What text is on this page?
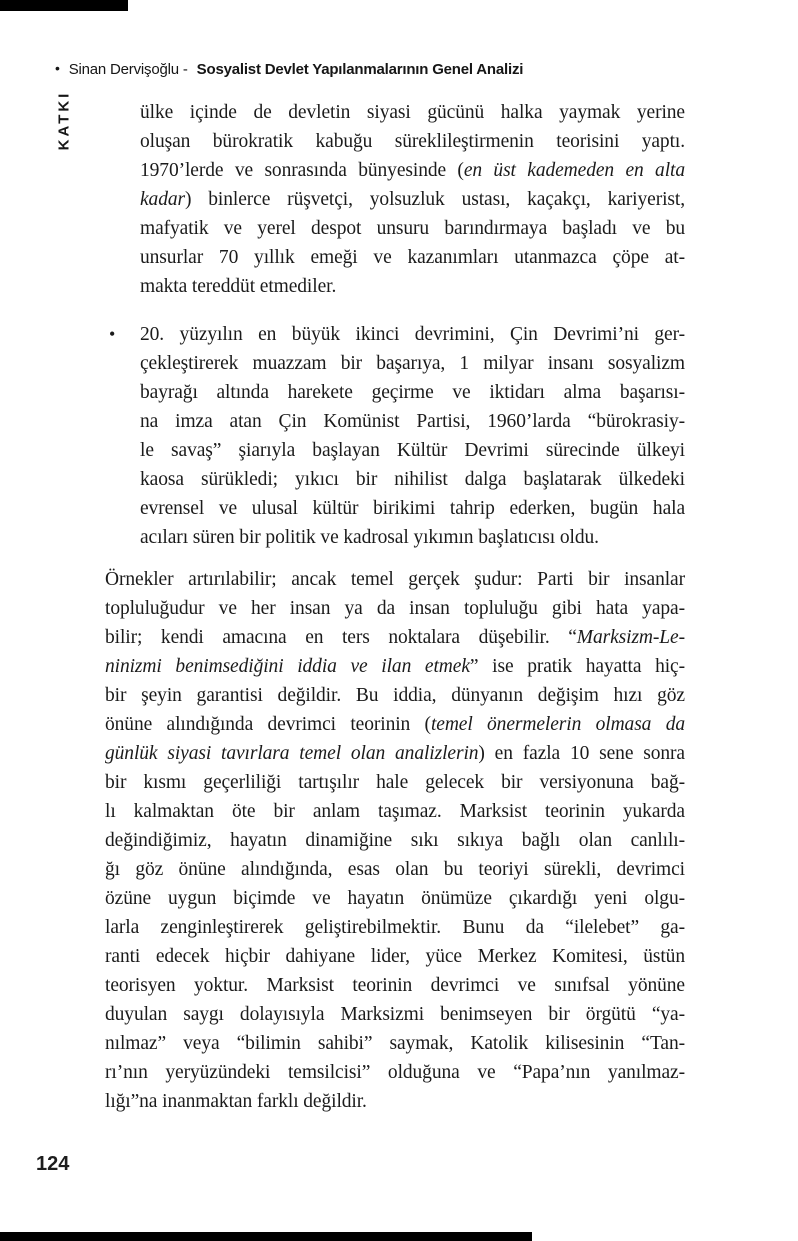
• Sinan Dervişoğlu - Sosyalist Devlet Yapılanmalarının Genel Analizi
KATKI	ülke içinde de devletin siyasi gücünü halka yaymak yerine
oluşan bürokratik kabuğu süreklileştirmenin teorisini yaptı.
1970’lerde ve sonrasında bünyesinde (en üst kademeden en alta
kadar) binlerce rüşvetçi, yolsuzluk ustası, kaçakçı, kariyerist,
mafyatik ve yerel despot unsuru barındırmaya başladı ve bu
unsurlar 70 yıllık emeği ve kazanımları utanmazca çöpe at-
makta tereddüt etmediler.
• 20. yüzyılın en büyük ikinci devrimini, Çin Devrimi’ni ger-
çekleştirerek muazzam bir başarıya, 1 milyar insanı sosyalizm
bayrağı altında harekete geçirme ve iktidarı alma başarısı-
na imza atan Çin Komünist Partisi, 1960’larda “bürokrasiy-
le savaş” şiarıyla başlayan Kültür Devrimi sürecinde ülkeyi
kaosa sürükledi; yıkıcı bir nihilist dalga başlatarak ülkedeki
evrensel ve ulusal kültür birikimi tahrip ederken, bugün hala
acıları süren bir politik ve kadrosal yıkımın başlatıcısı oldu.
Örnekler artırılabilir; ancak temel gerçek şudur: Parti bir insanlar
topluluğudur ve her insan ya da insan topluluğu gibi hata yapa-
bilir; kendi amacına en ters noktalara düşebilir. “Marksizm-Le-
ninizmi benimsediğini iddia ve ilan etmek” ise pratik hayatta hiç-
bir şeyin garantisi değildir. Bu iddia, dünyanın değişim hızı göz
önüne alındığında devrimci teorinin (temel önermelerin olmasa da
günlük siyasi tavırlara temel olan analizlerin) en fazla 10 sene sonra
bir kısmı geçerliliği tartışılır hale gelecek bir versiyonuna bağ-
lı kalmaktan öte bir anlam taşımaz. Marksist teorinin yukarda
değindiğimiz, hayatın dinamiğine sıkı sıkıya bağlı olan canlılı-
ğı göz önüne alındığında, esas olan bu teoriyi sürekli, devrimci
özüne uygun biçimde ve hayatın önümüze çıkardığı yeni olgu-
larla zenginleştirerek geliştirebilmektir. Bunu da “ilelebet” ga-
ranti edecek hiçbir dahiyane lider, yüce Merkez Komitesi, üstün
teorisyen yoktur. Marksist teorinin devrimci ve sınıfsal yönüne
duyulan saygı dolayısıyla Marksizmi benimseyen bir örgütü “ya-
nılmaz” veya “bilimin sahibi” saymak, Katolik kilisesinin “Tan-
rı’nın yeryüzündeki temsilcisi” olduğuna ve “Papa’nın yanılmaz-
lığı”na inanmaktan farklı değildir.
124
